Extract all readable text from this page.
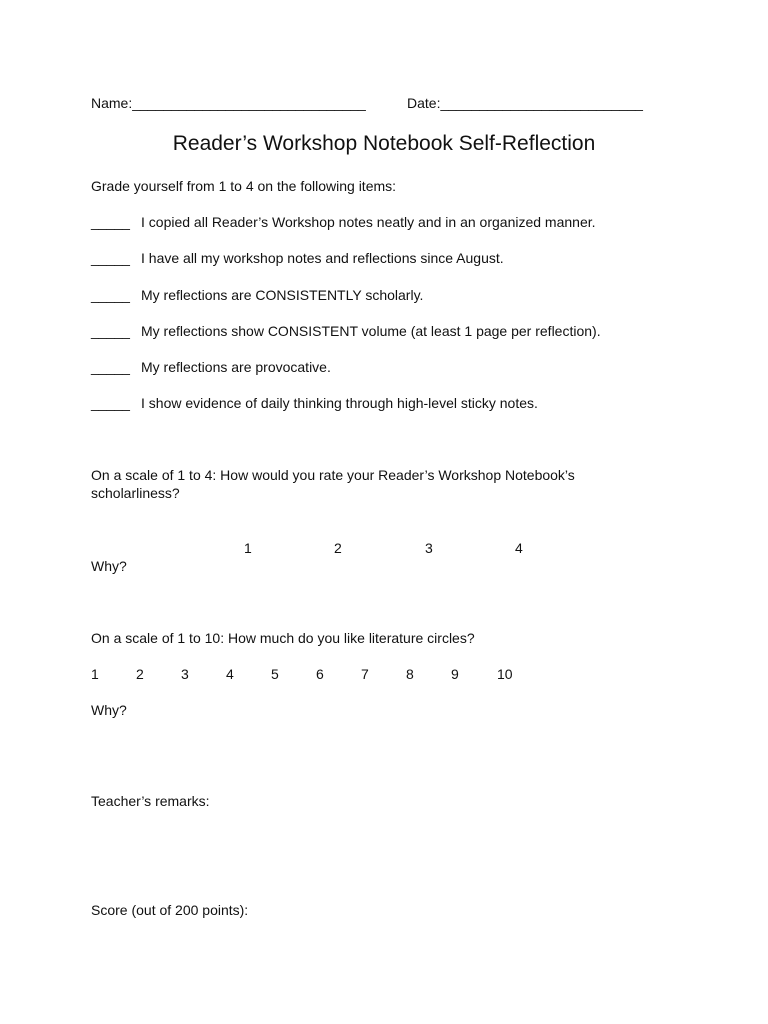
Name:______________________________	Date:__________________________
Reader’s Workshop Notebook Self-Reflection
Grade yourself from 1 to 4 on the following items:
_____ I copied all Reader’s Workshop notes neatly and in an organized manner.
_____ I have all my workshop notes and reflections since August.
_____ My reflections are CONSISTENTLY scholarly.
_____ My reflections show CONSISTENT volume (at least 1 page per reflection).
_____ My reflections are provocative.
_____ I show evidence of daily thinking through high-level sticky notes.
On a scale of 1 to 4: How would you rate your Reader’s Workshop Notebook’s scholarliness?
1	2	3	4
Why?
On a scale of 1 to 10: How much do you like literature circles?
1	2	3	4	5	6	7	8	9	10
Why?
Teacher’s remarks:
Score (out of 200 points):
